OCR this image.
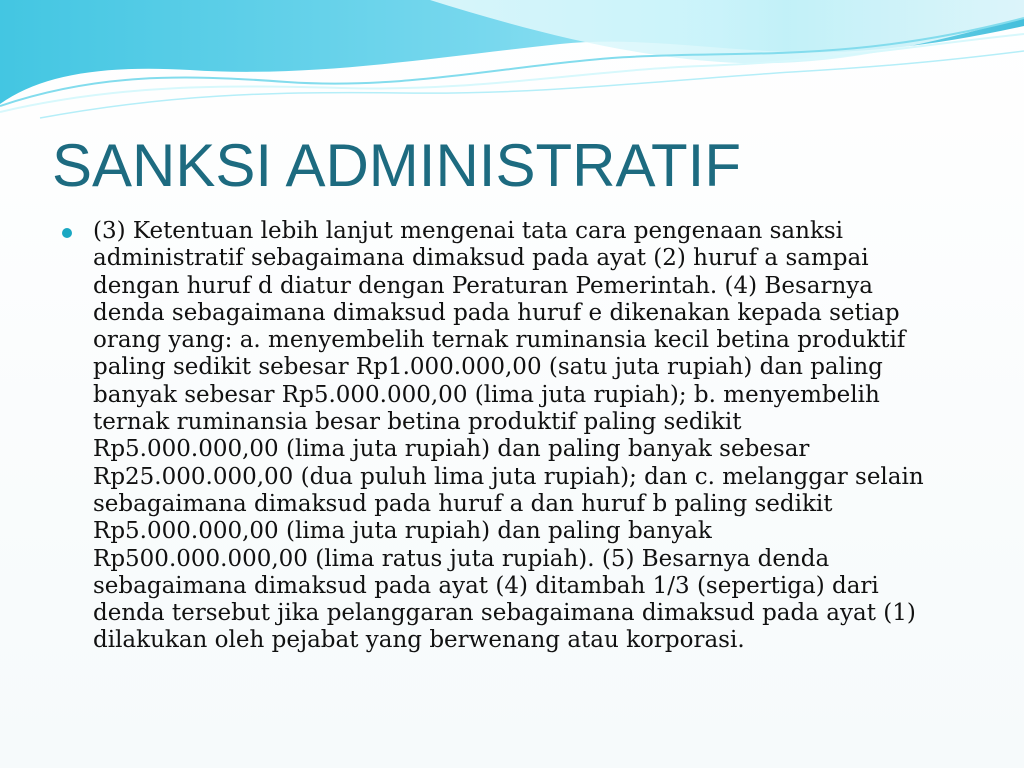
SANKSI ADMINISTRATIF
(3) Ketentuan lebih lanjut mengenai tata cara pengenaan sanksi
administratif sebagaimana dimaksud pada ayat (2) huruf a sampai
dengan huruf d diatur dengan Peraturan Pemerintah. (4) Besarnya
denda sebagaimana dimaksud pada huruf e dikenakan kepada setiap
orang yang: a. menyembelih ternak ruminansia kecil betina produktif
paling sedikit sebesar Rp1.000.000,00 (satu juta rupiah) dan paling
banyak sebesar Rp5.000.000,00 (lima juta rupiah); b. menyembelih
ternak ruminansia besar betina produktif paling sedikit
Rp5.000.000,00 (lima juta rupiah) dan paling banyak sebesar
Rp25.000.000,00 (dua puluh lima juta rupiah); dan c. melanggar selain
sebagaimana dimaksud pada huruf a dan huruf b paling sedikit
Rp5.000.000,00 (lima juta rupiah) dan paling banyak
Rp500.000.000,00 (lima ratus juta rupiah). (5) Besarnya denda
sebagaimana dimaksud pada ayat (4) ditambah 1/3 (sepertiga) dari
denda tersebut jika pelanggaran sebagaimana dimaksud pada ayat (1)
dilakukan oleh pejabat yang berwenang atau korporasi.
